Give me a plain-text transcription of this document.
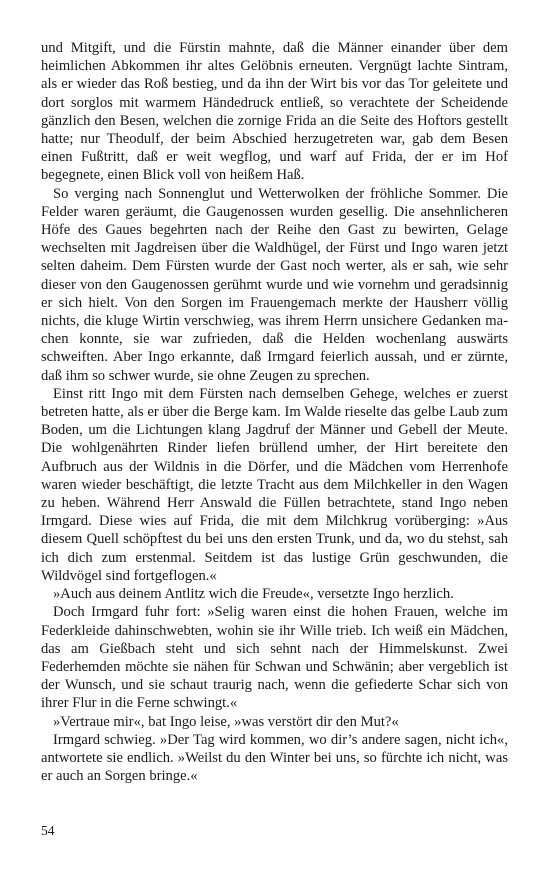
und Mitgift, und die Fürstin mahnte, daß die Männer einander über dem heimlichen Abkommen ihr altes Gelöbnis erneuten. Vergnügt lachte Sintram, als er wieder das Roß bestieg, und da ihn der Wirt bis vor das Tor geleitete und dort sorglos mit warmem Händedruck entließ, so verachtete der Scheidende gänzlich den Besen, welchen die zornige Frida an die Seite des Hoftors gestellt hatte; nur Theodulf, der beim Abschied herzugetreten war, gab dem Besen einen Fußtritt, daß er weit wegflog, und warf auf Frida, der er im Hof begegnete, einen Blick voll von heißem Haß.

So verging nach Sonnenglut und Wetterwolken der fröhliche Sommer. Die Felder waren geräumt, die Gaugenossen wurden gesellig. Die ansehnlicheren Höfe des Gaues begehrten nach der Reihe den Gast zu bewirten, Gelage wechselten mit Jagdreisen über die Waldhügel, der Fürst und Ingo waren jetzt selten daheim. Dem Fürsten wurde der Gast noch werter, als er sah, wie sehr dieser von den Gaugenossen gerühmt wurde und wie vornehm und geradsinnig er sich hielt. Von den Sorgen im Frauengemach merkte der Hausherr völlig nichts, die kluge Wirtin verschwieg, was ihrem Herrn unsichere Gedanken machen konnte, sie war zufrieden, daß die Helden wochenlang auswärts schweiften. Aber Ingo erkannte, daß Irmgard feierlich aussah, und er zürnte, daß ihm so schwer wurde, sie ohne Zeugen zu sprechen.

Einst ritt Ingo mit dem Fürsten nach demselben Gehege, welches er zuerst betreten hatte, als er über die Berge kam. Im Walde rieselte das gelbe Laub zum Boden, um die Lichtungen klang Jagdruf der Männer und Gebell der Meute. Die wohlgenährten Rinder liefen brüllend umher, der Hirt bereitete den Aufbruch aus der Wildnis in die Dörfer, und die Mädchen vom Herrenhofe waren wieder beschäftigt, die letzte Tracht aus dem Milchkeller in den Wagen zu heben. Während Herr Answald die Füllen betrachtete, stand Ingo neben Irmgard. Diese wies auf Frida, die mit dem Milchkrug vorüberging: »Aus diesem Quell schöpftest du bei uns den ersten Trunk, und da, wo du stehst, sah ich dich zum erstenmal. Seitdem ist das lustige Grün geschwunden, die Wildvögel sind fortgeflogen.«

»Auch aus deinem Antlitz wich die Freude«, versetzte Ingo herzlich.

Doch Irmgard fuhr fort: »Selig waren einst die hohen Frauen, welche im Federkleide dahinschwebten, wohin sie ihr Wille trieb. Ich weiß ein Mädchen, das am Gießbach steht und sich sehnt nach der Himmelskunst. Zwei Federhemden möchte sie nähen für Schwan und Schwänin; aber vergeblich ist der Wunsch, und sie schaut traurig nach, wenn die gefiederte Schar sich von ihrer Flur in die Ferne schwingt.«

»Vertraue mir«, bat Ingo leise, »was verstört dir den Mut?«

Irmgard schwieg. »Der Tag wird kommen, wo dir’s andere sagen, nicht ich«, antwortete sie endlich. »Weilst du den Winter bei uns, so fürchte ich nicht, was er auch an Sorgen bringe.«

54
